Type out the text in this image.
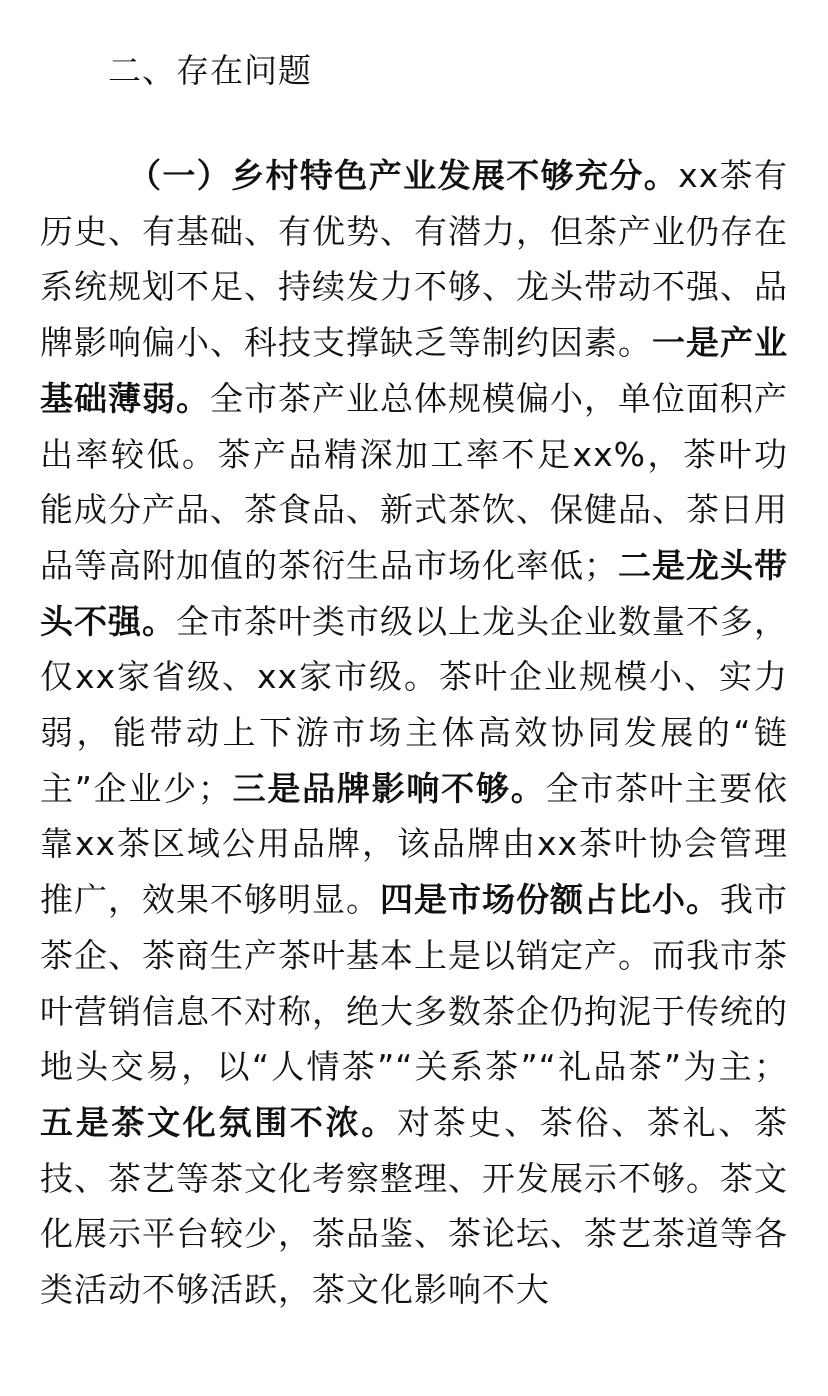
二、存在问题

（一）乡村特色产业发展不够充分。xx茶有历史、有基础、有优势、有潜力，但茶产业仍存在系统规划不足、持续发力不够、龙头带动不强、品牌影响偏小、科技支撑缺乏等制约因素。一是产业基础薄弱。全市茶产业总体规模偏小，单位面积产出率较低。茶产品精深加工率不足xx%，茶叶功能成分产品、茶食品、新式茶饮、保健品、茶日用品等高附加值的茶衍生品市场化率低；二是龙头带头不强。全市茶叶类市级以上龙头企业数量不多，仅xx家省级、xx家市级。茶叶企业规模小、实力弱，能带动上下游市场主体高效协同发展的“链主”企业少；三是品牌影响不够。全市茶叶主要依靠xx茶区域公用品牌，该品牌由xx茶叶协会管理推广，效果不够明显。四是市场份额占比小。我市茶企、茶商生产茶叶基本上是以销定产。而我市茶叶营销信息不对称，绝大多数茶企仍拘泥于传统的地头交易，以“人情茶”“关系茶”“礼品茶”为主；五是茶文化氛围不浓。对茶史、茶俗、茶礼、茶技、茶艺等茶文化考察整理、开发展示不够。茶文化展示平台较少，茶品鉴、茶论坛、茶艺茶道等各类活动不够活跃，茶文化影响不大
